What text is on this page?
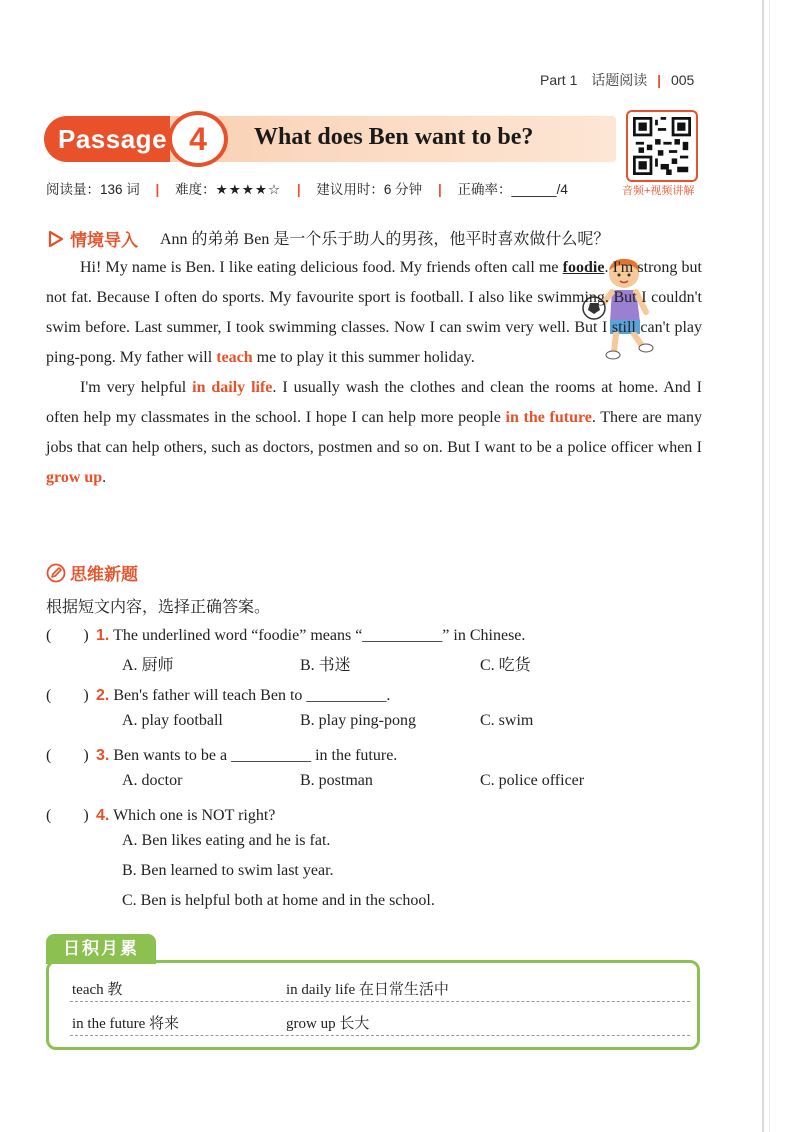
Part 1 话题阅读 | 005
Passage 4	What does Ben want to be?
音频+视频讲解
阅读量：136 词 | 难度：★★★★☆ | 建议用时：6 分钟 | 正确率：______/4
情境导入 Ann 的弟弟 Ben 是一个乐于助人的男孩，他平时喜欢做什么呢？

Hi! My name is Ben. I like eating delicious food. My friends often call me foodie. I'm strong but not fat. Because I often do sports. My favourite sport is football. I also like swimming. But I couldn't swim before. Last summer, I took swimming classes. Now I can swim very well. But I still can't play ping-pong. My father will teach me to play it this summer holiday.

I'm very helpful in daily life. I usually wash the clothes and clean the rooms at home. And I often help my classmates in the school. I hope I can help more people in the future. There are many jobs that can help others, such as doctors, postmen and so on. But I want to be a police officer when I grow up.

思维新题
根据短文内容，选择正确答案。
(　　) 1. The underlined word “foodie” means “__________” in Chinese.
A. 厨师	B. 书迷	C. 吃货
(　　) 2. Ben's father will teach Ben to __________.
A. play football	B. play ping-pong	C. swim
(　　) 3. Ben wants to be a __________ in the future.
A. doctor	B. postman	C. police officer
(　　) 4. Which one is NOT right?
A. Ben likes eating and he is fat.
B. Ben learned to swim last year.
C. Ben is helpful both at home and in the school.
日积月累
teach 教	in daily life 在日常生活中
in the future 将来	grow up 长大
